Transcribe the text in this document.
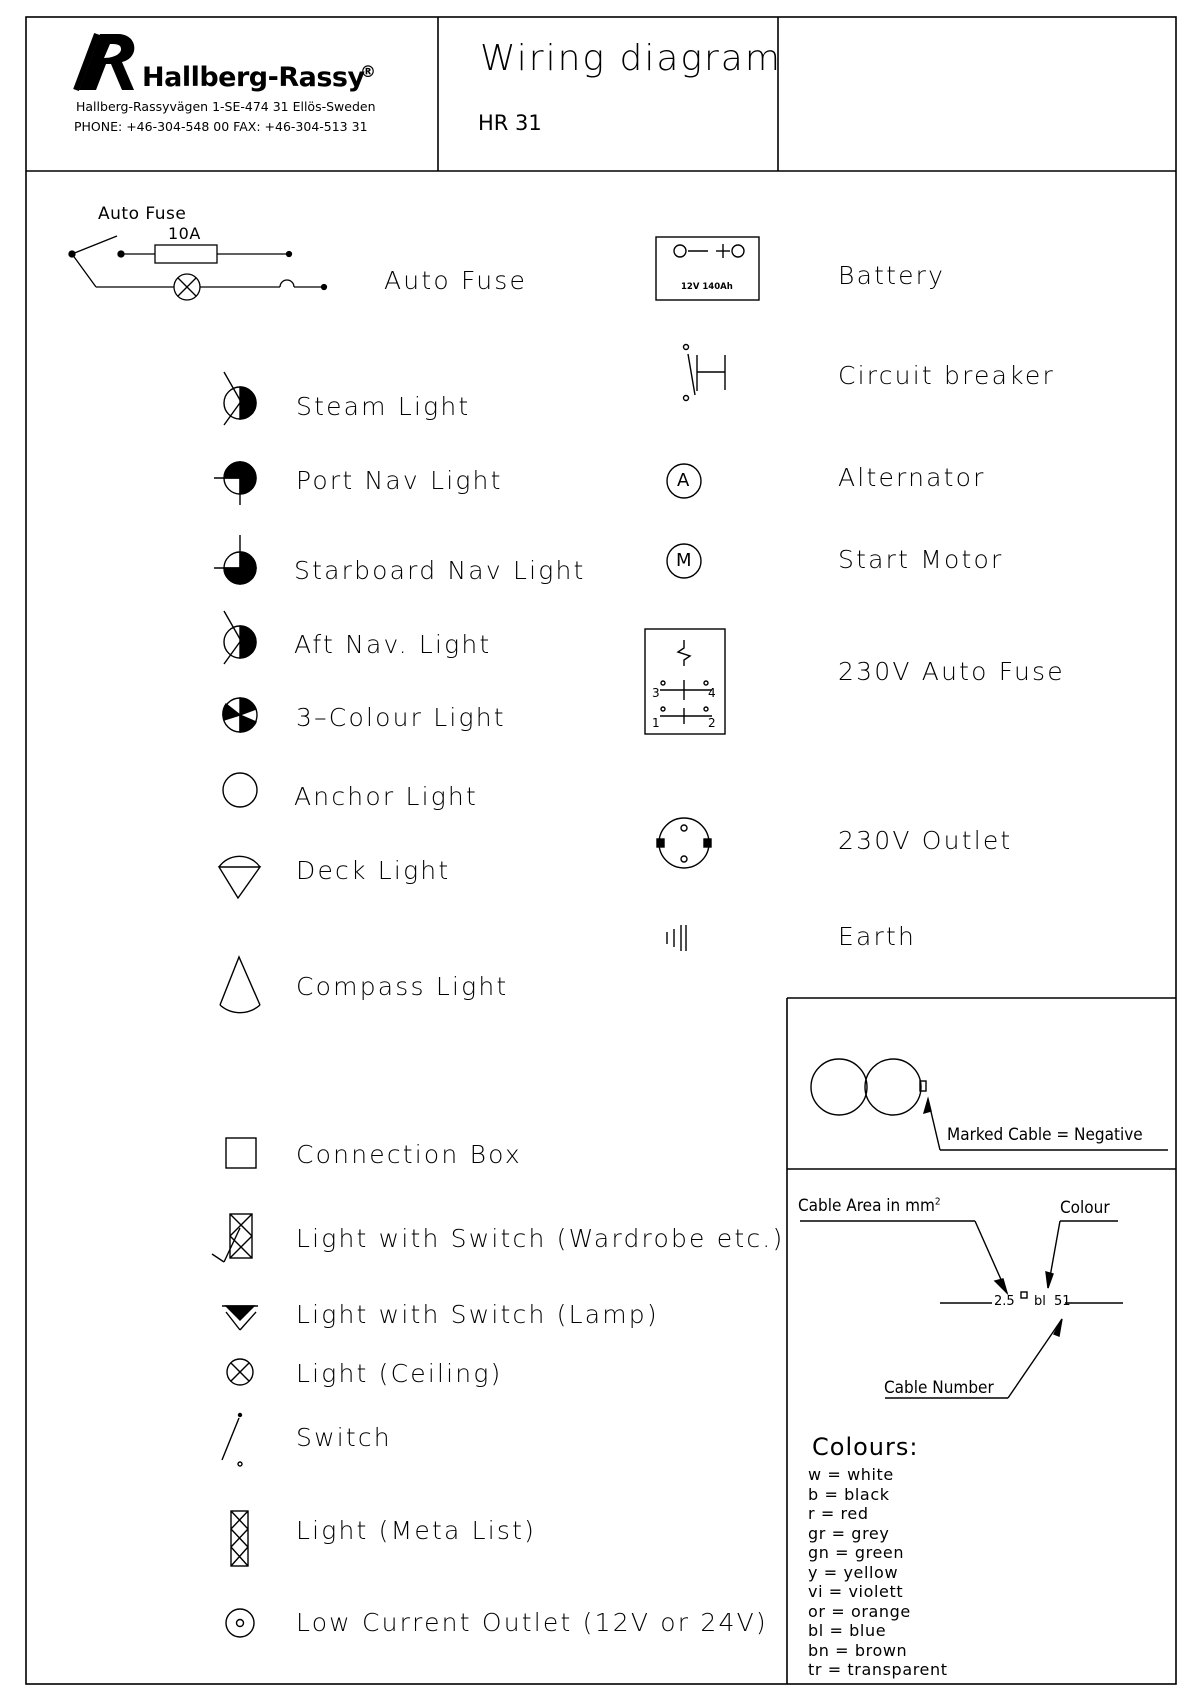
Hallberg-Rassy
®
Hallberg-Rassyvägen 1-SE-474 31 Ellös-Sweden
PHONE: +46-304-548 00 FAX: +46-304-513 31
Wiring diagram
HR 31
Auto Fuse
10A
Auto Fuse
Steam Light
Port Nav Light
Starboard Nav Light
Aft Nav. Light
3–Colour Light
Anchor Light
Deck Light
Compass Light
Connection Box
Light with Switch (Wardrobe etc.)
Light with Switch (Lamp)
Light (Ceiling)
Switch
Light (Meta List)
Low Current Outlet (12V or 24V)
12V 140Ah	Battery
Circuit breaker
A	Alternator
M	Start Motor
3	4
1	2
230V Auto Fuse
230V Outlet
Earth
Marked Cable = Negative
Cable Area in $mm^2$	Colour
2.5 bl 51
Cable Number
Colours:
w = white
b = black
r = red
gr = grey
gn = green
y = yellow
vi = violett
or = orange
bl = blue
bn = brown
tr = transparent
